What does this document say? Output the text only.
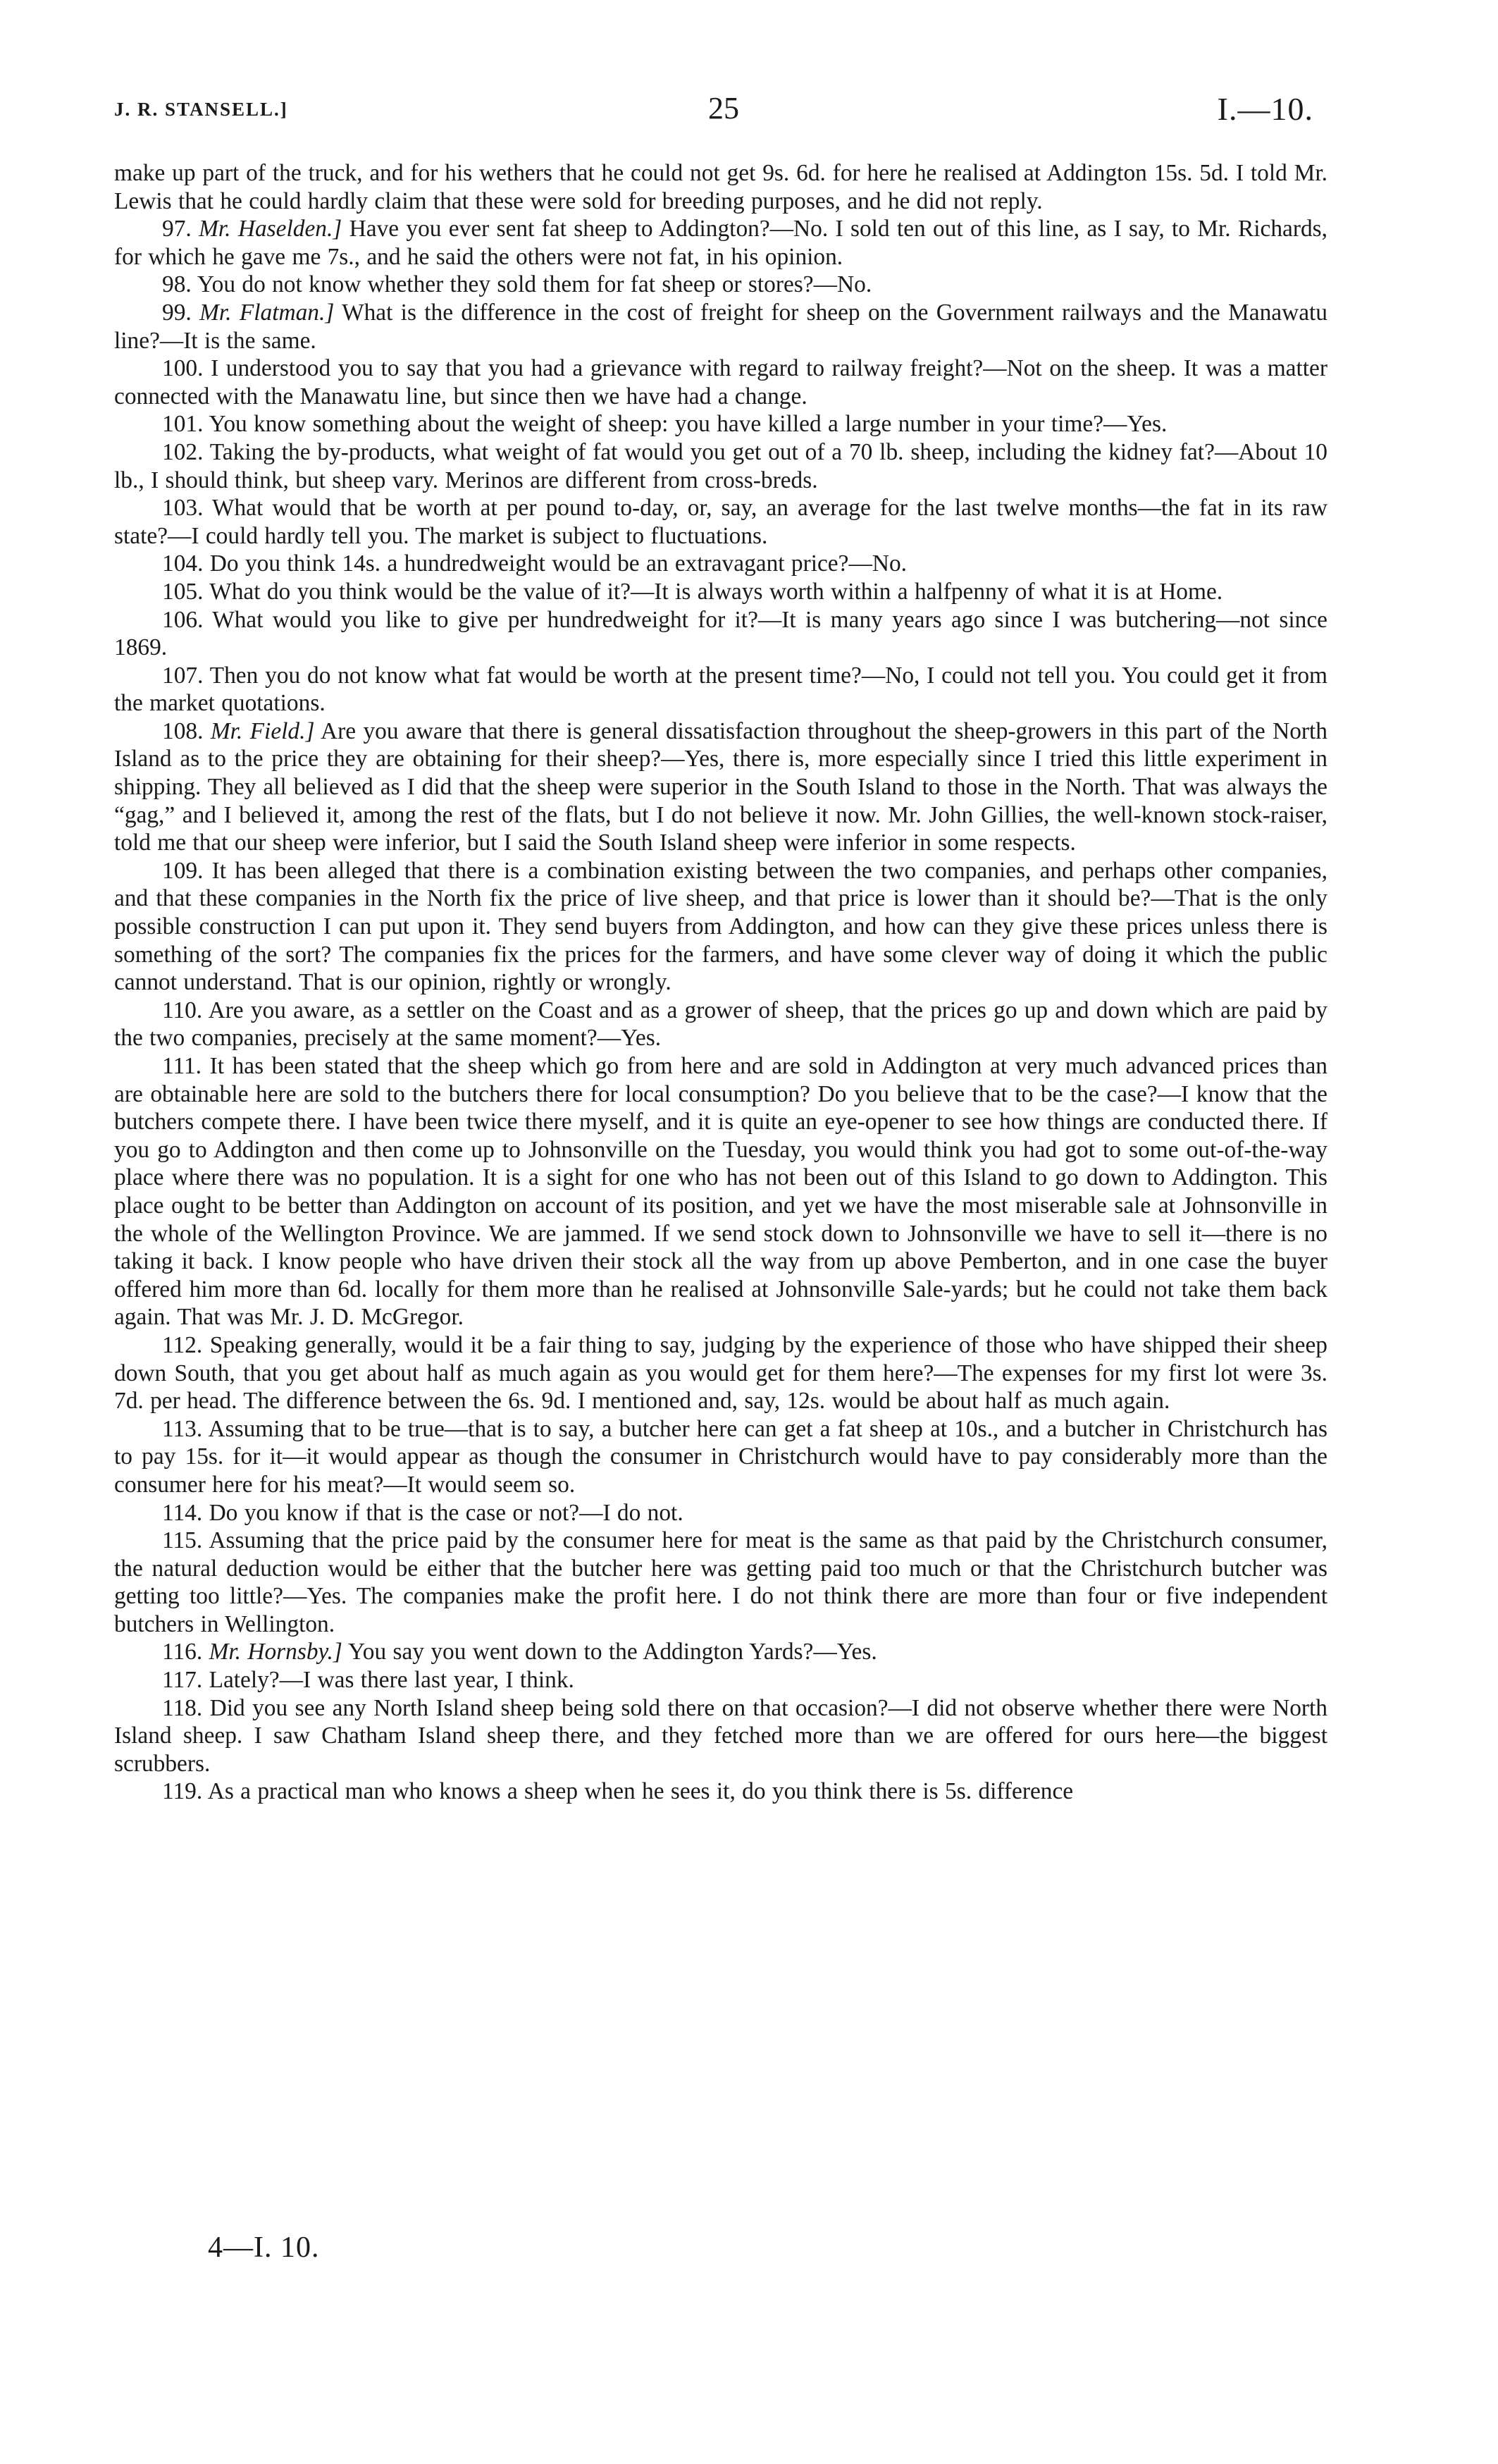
J. R. STANSELL.]	25	I.—10.

make up part of the truck, and for his wethers that he could not get 9s. 6d. for here he realised at Addington 15s. 5d. I told Mr. Lewis that he could hardly claim that these were sold for breeding purposes, and he did not reply.

97. Mr. Haselden.] Have you ever sent fat sheep to Addington?—No. I sold ten out of this line, as I say, to Mr. Richards, for which he gave me 7s., and he said the others were not fat, in his opinion.

98. You do not know whether they sold them for fat sheep or stores?—No.

99. Mr. Flatman.] What is the difference in the cost of freight for sheep on the Government railways and the Manawatu line?—It is the same.

100. I understood you to say that you had a grievance with regard to railway freight?—Not on the sheep. It was a matter connected with the Manawatu line, but since then we have had a change.

101. You know something about the weight of sheep: you have killed a large number in your time?—Yes.

102. Taking the by-products, what weight of fat would you get out of a 70 lb. sheep, including the kidney fat?—About 10 lb., I should think, but sheep vary. Merinos are different from cross-breds.

103. What would that be worth at per pound to-day, or, say, an average for the last twelve months—the fat in its raw state?—I could hardly tell you. The market is subject to fluctuations.

104. Do you think 14s. a hundredweight would be an extravagant price?—No.

105. What do you think would be the value of it?—It is always worth within a halfpenny of what it is at Home.

106. What would you like to give per hundredweight for it?—It is many years ago since I was butchering—not since 1869.

107. Then you do not know what fat would be worth at the present time?—No, I could not tell you. You could get it from the market quotations.

108. Mr. Field.] Are you aware that there is general dissatisfaction throughout the sheep-growers in this part of the North Island as to the price they are obtaining for their sheep?—Yes, there is, more especially since I tried this little experiment in shipping. They all believed as I did that the sheep were superior in the South Island to those in the North. That was always the “gag,” and I believed it, among the rest of the flats, but I do not believe it now. Mr. John Gillies, the well-known stock-raiser, told me that our sheep were inferior, but I said the South Island sheep were inferior in some respects.

109. It has been alleged that there is a combination existing between the two companies, and perhaps other companies, and that these companies in the North fix the price of live sheep, and that price is lower than it should be?—That is the only possible construction I can put upon it. They send buyers from Addington, and how can they give these prices unless there is something of the sort? The companies fix the prices for the farmers, and have some clever way of doing it which the public cannot understand. That is our opinion, rightly or wrongly.

110. Are you aware, as a settler on the Coast and as a grower of sheep, that the prices go up and down which are paid by the two companies, precisely at the same moment?—Yes.

111. It has been stated that the sheep which go from here and are sold in Addington at very much advanced prices than are obtainable here are sold to the butchers there for local consumption? Do you believe that to be the case?—I know that the butchers compete there. I have been twice there myself, and it is quite an eye-opener to see how things are conducted there. If you go to Addington and then come up to Johnsonville on the Tuesday, you would think you had got to some out-of-the-way place where there was no population. It is a sight for one who has not been out of this Island to go down to Addington. This place ought to be better than Addington on account of its position, and yet we have the most miserable sale at Johnsonville in the whole of the Wellington Province. We are jammed. If we send stock down to Johnsonville we have to sell it—there is no taking it back. I know people who have driven their stock all the way from up above Pemberton, and in one case the buyer offered him more than 6d. locally for them more than he realised at Johnsonville Sale-yards; but he could not take them back again. That was Mr. J. D. McGregor.

112. Speaking generally, would it be a fair thing to say, judging by the experience of those who have shipped their sheep down South, that you get about half as much again as you would get for them here?—The expenses for my first lot were 3s. 7d. per head. The difference between the 6s. 9d. I mentioned and, say, 12s. would be about half as much again.

113. Assuming that to be true—that is to say, a butcher here can get a fat sheep at 10s., and a butcher in Christchurch has to pay 15s. for it—it would appear as though the consumer in Christchurch would have to pay considerably more than the consumer here for his meat?—It would seem so.

114. Do you know if that is the case or not?—I do not.

115. Assuming that the price paid by the consumer here for meat is the same as that paid by the Christchurch consumer, the natural deduction would be either that the butcher here was getting paid too much or that the Christchurch butcher was getting too little?—Yes. The companies make the profit here. I do not think there are more than four or five independent butchers in Wellington.

116. Mr. Hornsby.] You say you went down to the Addington Yards?—Yes.

117. Lately?—I was there last year, I think.

118. Did you see any North Island sheep being sold there on that occasion?—I did not observe whether there were North Island sheep. I saw Chatham Island sheep there, and they fetched more than we are offered for ours here—the biggest scrubbers.

119. As a practical man who knows a sheep when he sees it, do you think there is 5s. difference

4—I. 10.
